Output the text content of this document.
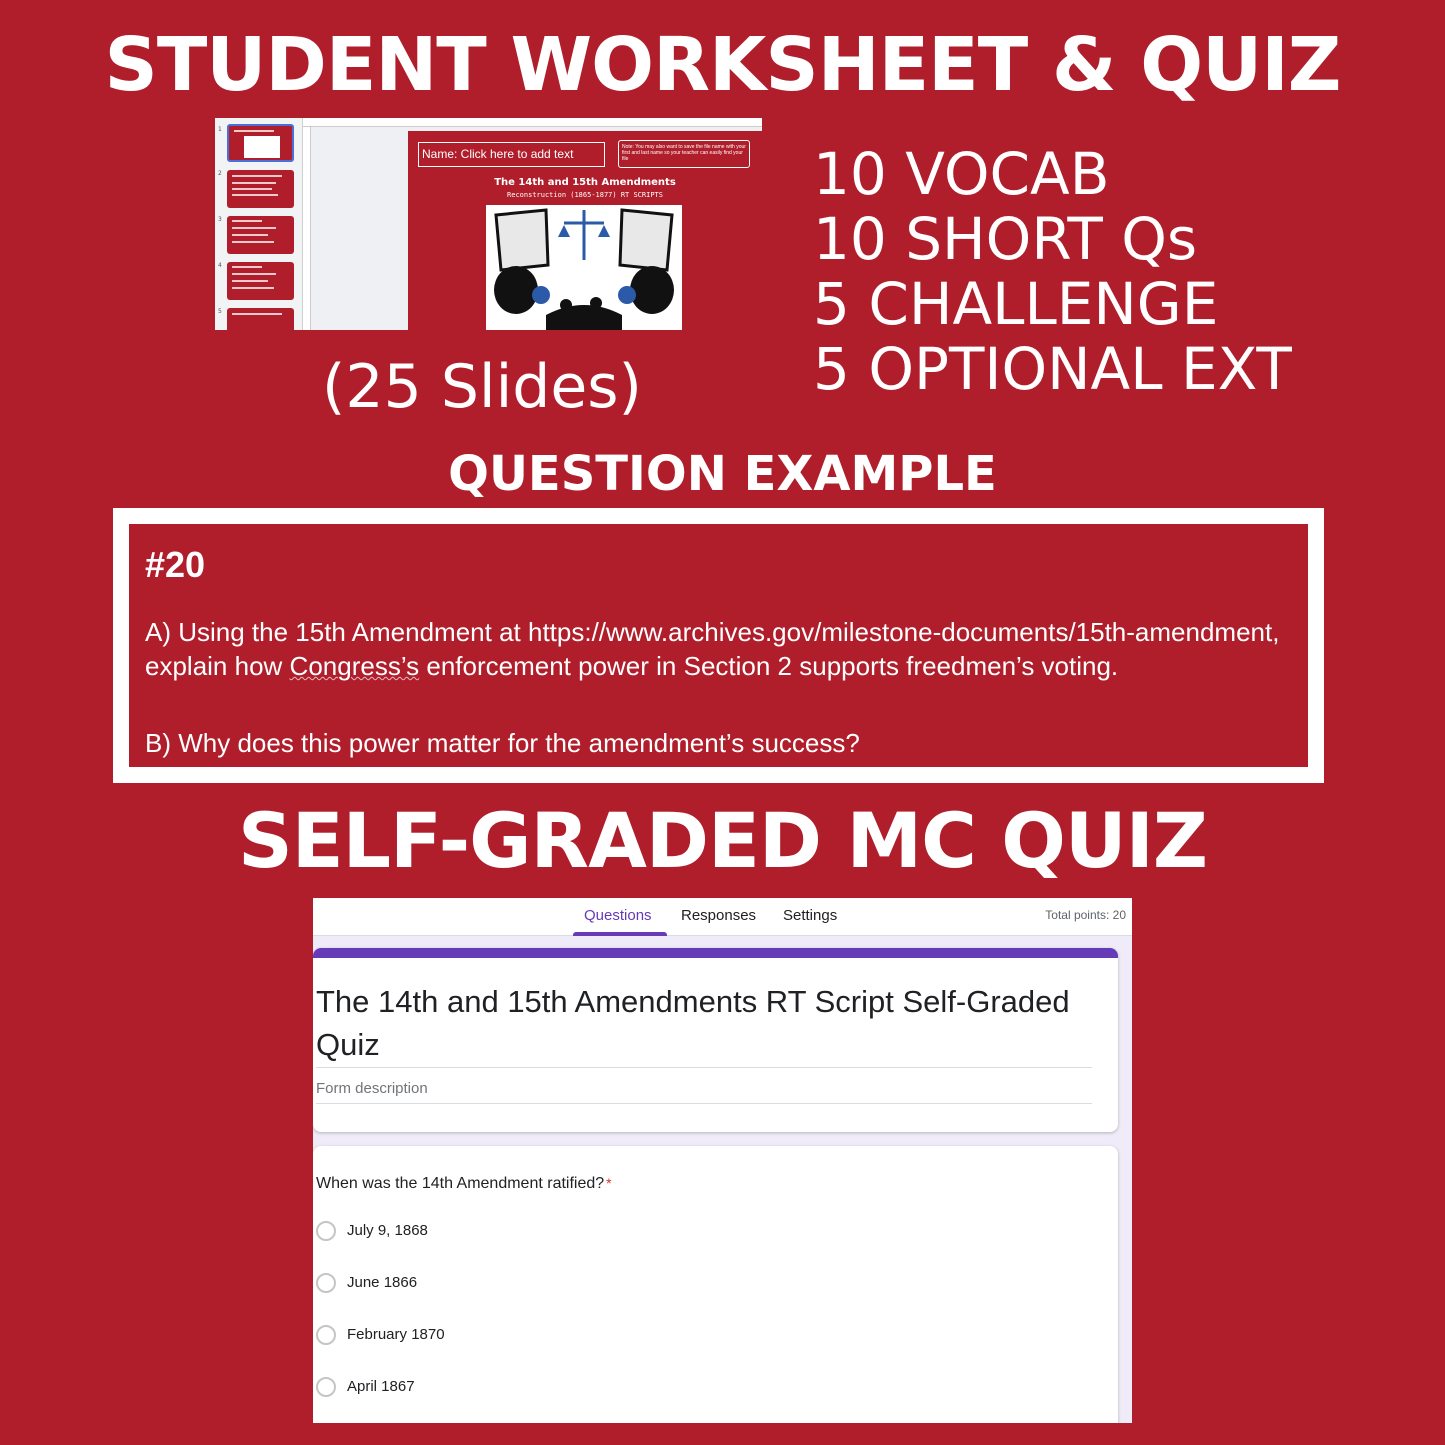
STUDENT WORKSHEET & QUIZ
1
2
3
4
5
Name: Click here to add text	Note: You may also want to save the file name with your first and last name so your teacher can easily find your file
The 14th and 15th Amendments
Reconstruction (1865-1877) RT SCRIPTS	10 VOCAB
10 SHORT Qs
5 CHALLENGE
5 OPTIONAL EXT
(25 Slides)
QUESTION EXAMPLE
#20
A) Using the 15th Amendment at https://www.archives.gov/milestone-documents/15th-amendment, explain how Congress’s enforcement power in Section 2 supports freedmen’s voting.
B) Why does this power matter for the amendment’s success?
SELF-GRADED MC QUIZ
Questions Responses Settings	Total points: 20
The 14th and 15th Amendments RT Script Self-Graded Quiz
Form description
When was the 14th Amendment ratified? *
July 9, 1868
June 1866
February 1870
April 1867
